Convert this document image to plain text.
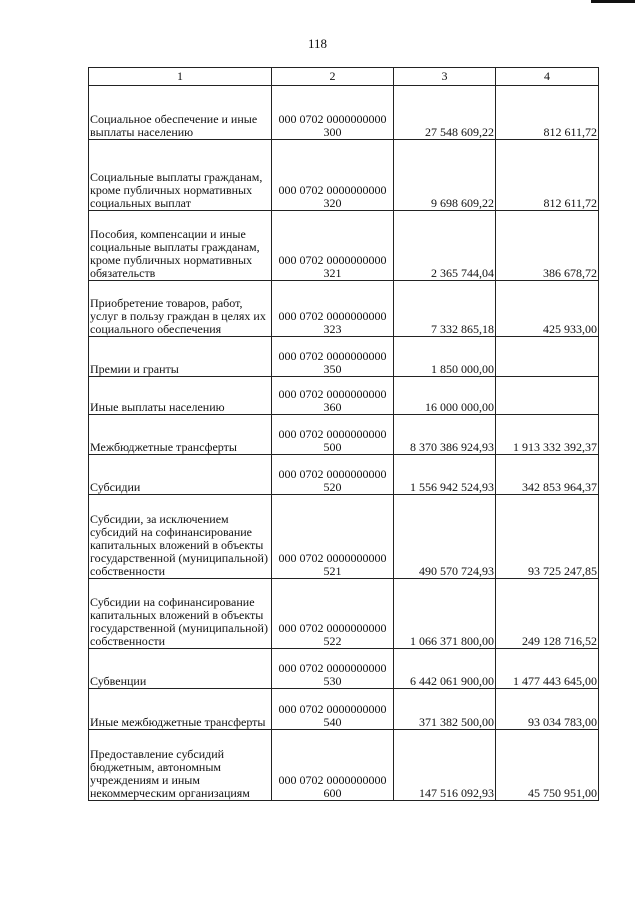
118
1	2	3	4
Социальное обеспечение и иные выплаты населению	000 0702 0000000000 300	27 548 609,22	812 611,72
Социальные выплаты гражданам, кроме публичных нормативных социальных выплат	000 0702 0000000000 320	9 698 609,22	812 611,72
Пособия, компенсации и иные социальные выплаты гражданам, кроме публичных нормативных обязательств	000 0702 0000000000 321	2 365 744,04	386 678,72
Приобретение товаров, работ, услуг в пользу граждан в целях их социального обеспечения	000 0702 0000000000 323	7 332 865,18	425 933,00
Премии и гранты	000 0702 0000000000 350	1 850 000,00	
Иные выплаты населению	000 0702 0000000000 360	16 000 000,00	
Межбюджетные трансферты	000 0702 0000000000 500	8 370 386 924,93	1 913 332 392,37
Субсидии	000 0702 0000000000 520	1 556 942 524,93	342 853 964,37
Субсидии, за исключением субсидий на софинансирование капитальных вложений в объекты государственной (муниципальной) собственности	000 0702 0000000000 521	490 570 724,93	93 725 247,85
Субсидии на софинансирование капитальных вложений в объекты государственной (муниципальной) собственности	000 0702 0000000000 522	1 066 371 800,00	249 128 716,52
Субвенции	000 0702 0000000000 530	6 442 061 900,00	1 477 443 645,00
Иные межбюджетные трансферты	000 0702 0000000000 540	371 382 500,00	93 034 783,00
Предоставление субсидий бюджетным, автономным учреждениям и иным некоммерческим организациям	000 0702 0000000000 600	147 516 092,93	45 750 951,00
